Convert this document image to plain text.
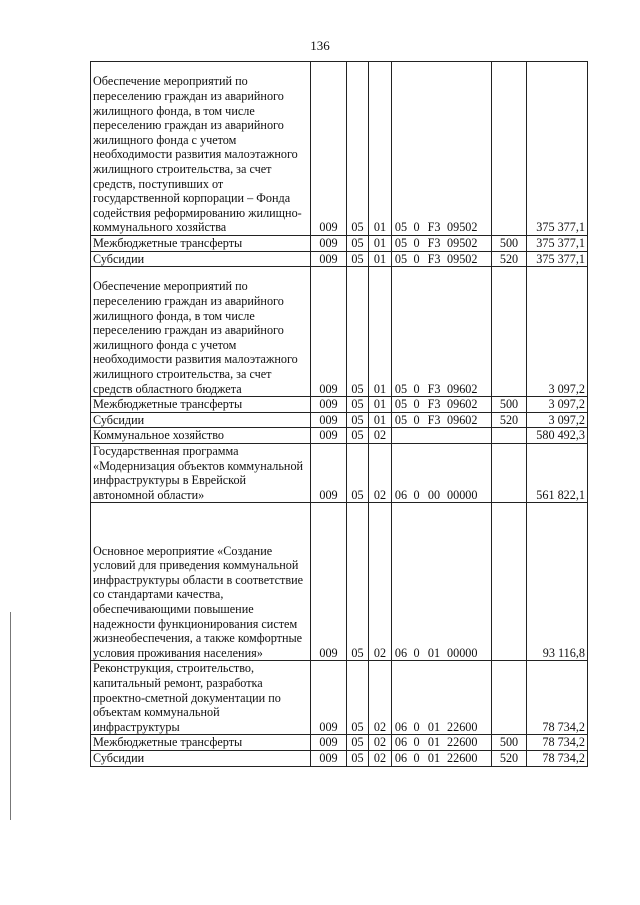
136
Обеспечение мероприятий по переселению граждан из аварийного жилищного фонда, в том числе переселению граждан из аварийного жилищного фонда с учетом необходимости развития малоэтажного жилищного строительства, за счет средств, поступивших от государственной корпорации – Фонда содействия реформированию жилищно-коммунального хозяйства	009	05	01	05 0 F3 09502		375 377,1
Межбюджетные трансферты	009	05	01	05 0 F3 09502	500	375 377,1
Субсидии	009	05	01	05 0 F3 09502	520	375 377,1
Обеспечение мероприятий по переселению граждан из аварийного жилищного фонда, в том числе переселению граждан из аварийного жилищного фонда с учетом необходимости развития малоэтажного жилищного строительства, за счет средств областного бюджета	009	05	01	05 0 F3 09602		3 097,2
Межбюджетные трансферты	009	05	01	05 0 F3 09602	500	3 097,2
Субсидии	009	05	01	05 0 F3 09602	520	3 097,2
Коммунальное хозяйство	009	05	02			580 492,3
Государственная программа «Модернизация объектов коммунальной инфраструктуры в Еврейской автономной области»	009	05	02	06 0 00 00000		561 822,1
Основное мероприятие «Создание условий для приведения коммунальной инфраструктуры области в соответствие со стандартами качества, обеспечивающими повышение надежности функционирования систем жизнеобеспечения, а также комфортные условия проживания населения»	009	05	02	06 0 01 00000		93 116,8
Реконструкция, строительство, капитальный ремонт, разработка проектно-сметной документации по объектам коммунальной инфраструктуры	009	05	02	06 0 01 22600		78 734,2
Межбюджетные трансферты	009	05	02	06 0 01 22600	500	78 734,2
Субсидии	009	05	02	06 0 01 22600	520	78 734,2
